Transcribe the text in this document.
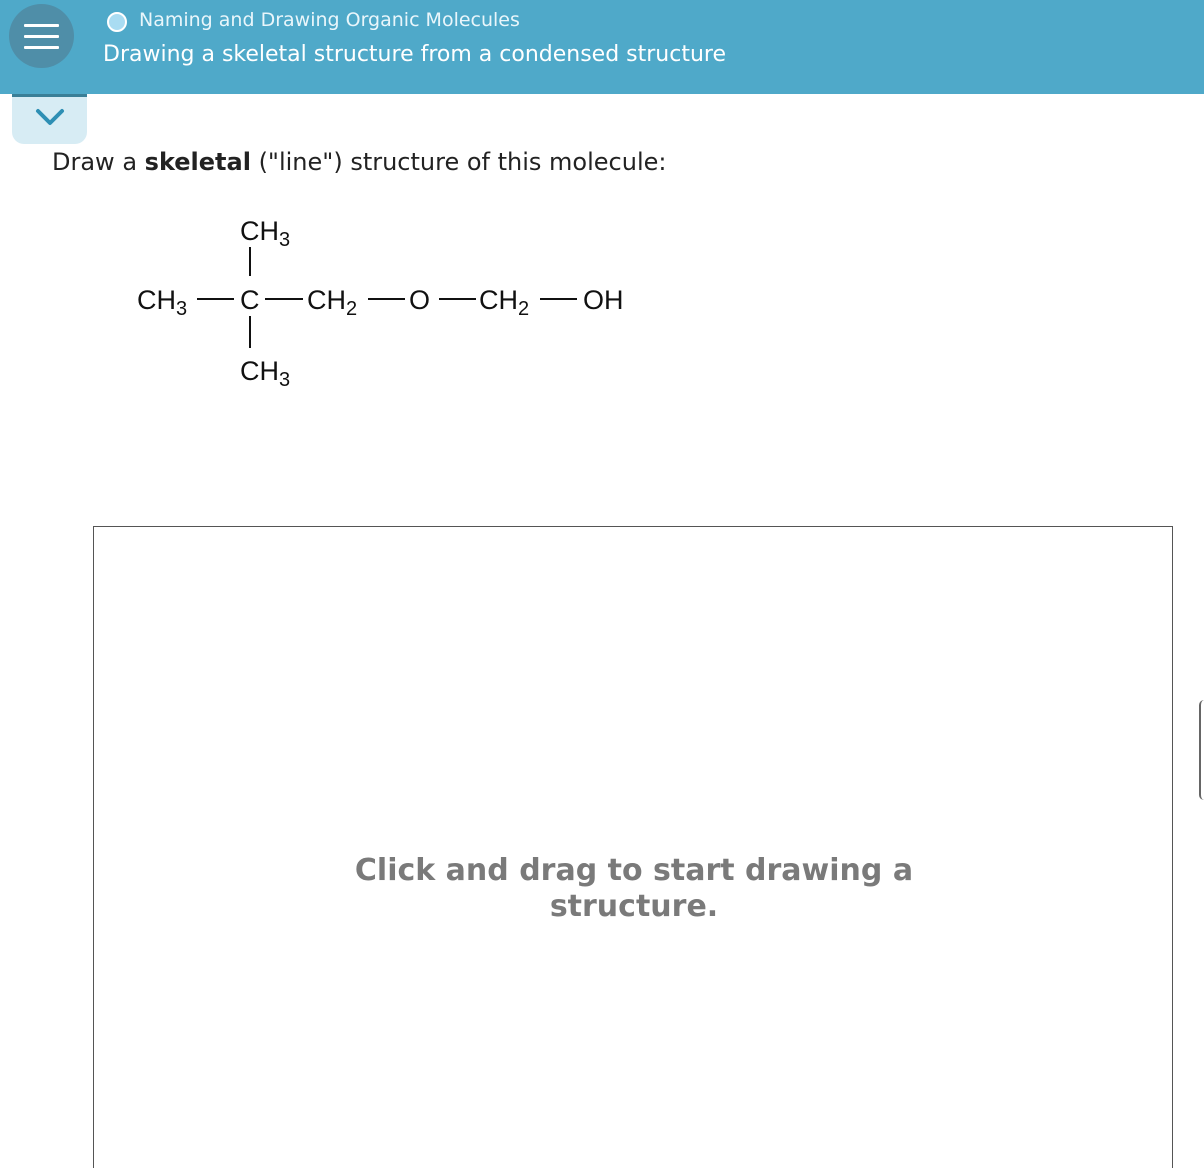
Naming and Drawing Organic Molecules
Drawing a skeletal structure from a condensed structure
Draw a skeletal ("line") structure of this molecule:
$CH_3$
$CH_3$ C $CH_2$ O $CH_2$ OH
$CH_3$
Click and drag to start drawing a
structure.
